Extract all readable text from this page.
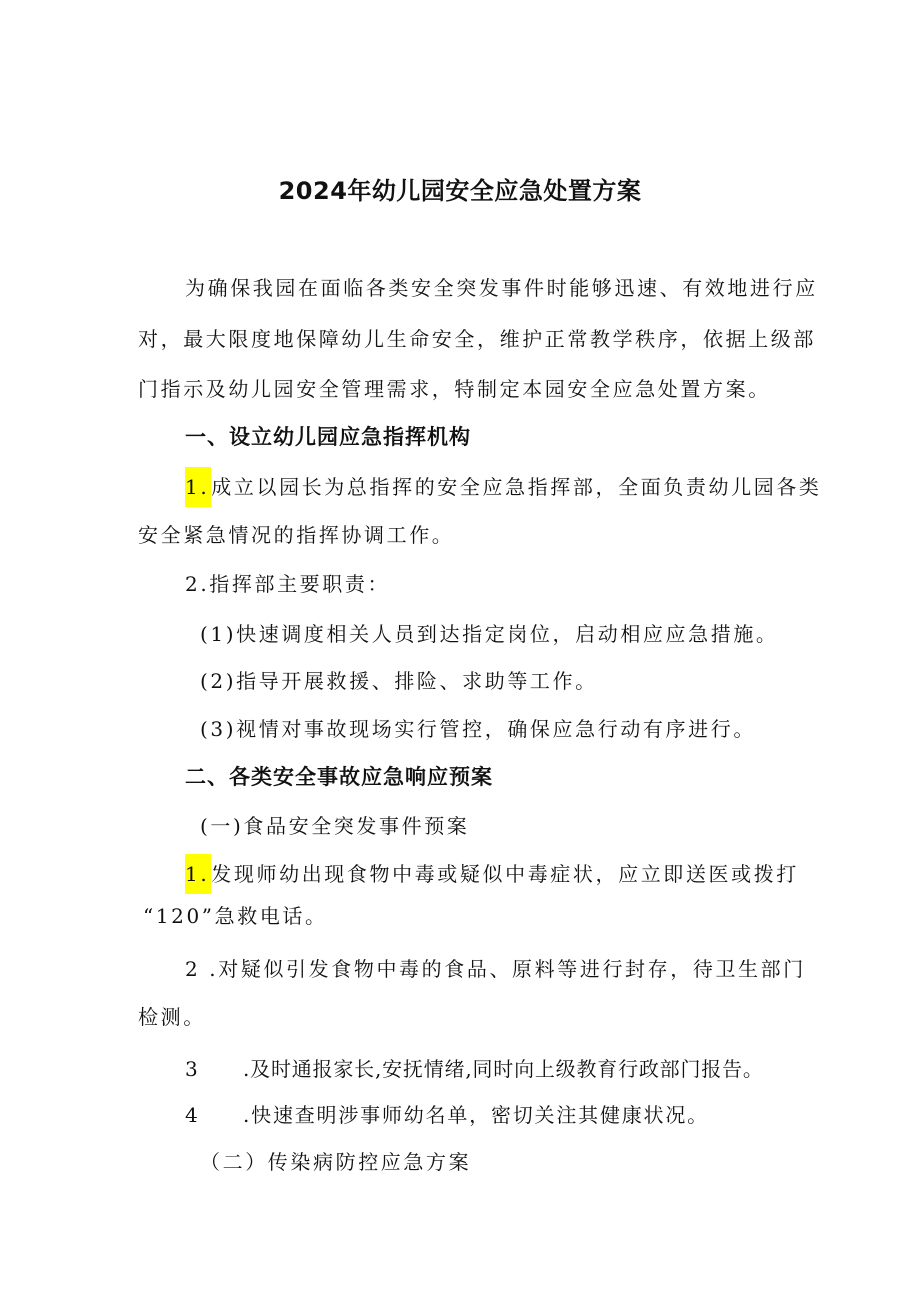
2024年幼儿园安全应急处置方案
为确保我园在面临各类安全突发事件时能够迅速、有效地进行应
对，最大限度地保障幼儿生命安全，维护正常教学秩序，依据上级部
门指示及幼儿园安全管理需求，特制定本园安全应急处置方案。
一、设立幼儿园应急指挥机构
1. 成立以园长为总指挥的安全应急指挥部，全面负责幼儿园各类
安全紧急情况的指挥协调工作。
2.指挥部主要职责：
(1)快速调度相关人员到达指定岗位，启动相应应急措施。
(2)指导开展救援、排险、求助等工作。
(3)视情对事故现场实行管控，确保应急行动有序进行。
二、各类安全事故应急响应预案
(一)食品安全突发事件预案
1. 发现师幼出现食物中毒或疑似中毒症状，应立即送医或拨打
“120”急救电话。
2 .对疑似引发食物中毒的食品、原料等进行封存，待卫生部门
检测。
3 .及时通报家长,安抚情绪,同时向上级教育行政部门报告。
4 .快速查明涉事师幼名单，密切关注其健康状况。
（二）传染病防控应急方案
